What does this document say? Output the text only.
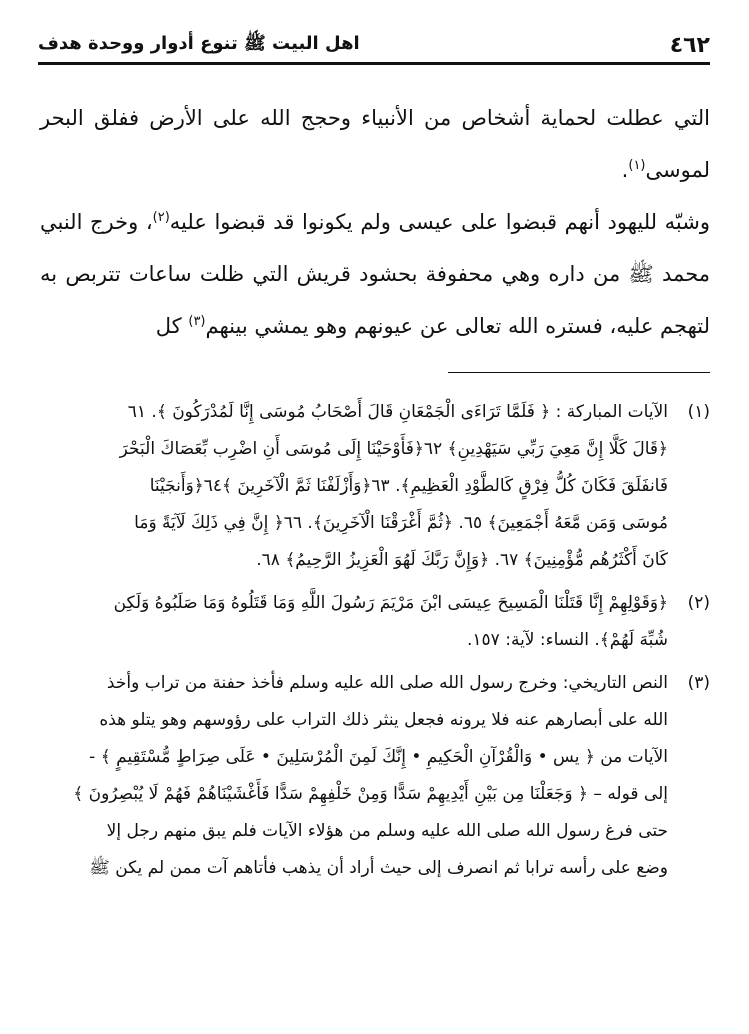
٤٦٢
اهل البيت ﷺ تنوع أدوار ووحدة هدف

التي عطلت لحماية أشخاص من الأنبياء وحجج الله على الأرض ففلق البحر لموسى$^{(١)}$.

وشبّه لليهود أنهم قبضوا على عيسى ولم يكونوا قد قبضوا عليه$^{(٢)}$، وخرج النبي محمد ﷺ من داره وهي محفوفة بحشود قريش التي ظلت ساعات تتربص به لتهجم عليه، فستره الله تعالى عن عيونهم وهو يمشي بينهم$^{(٣)}$ كل

(١)
الآيات المباركة : ﴿ فَلَمَّا تَرَاءَى الْجَمْعَانِ قَالَ أَصْحَابُ مُوسَى إِنَّا لَمُدْرَكُونَ ﴾. ٦١
﴿قَالَ كَلَّا إِنَّ مَعِيَ رَبِّي سَيَهْدِينِ﴾ ٦٢﴿فَأَوْحَيْنَا إِلَى مُوسَى أَنِ اضْرِب بِّعَصَاكَ الْبَحْرَ
فَانفَلَقَ فَكَانَ كُلُّ فِرْقٍ كَالطَّوْدِ الْعَظِيمِ﴾. ٦٣﴿وَأَزْلَفْنَا ثَمَّ الْآخَرِينَ ﴾٦٤﴿وَأَنجَيْنَا
مُوسَى وَمَن مَّعَهُ أَجْمَعِينَ﴾ ٦٥. ﴿ثُمَّ أَغْرَقْنَا الْآخَرِينَ﴾. ٦٦﴿ إِنَّ فِي ذَلِكَ لَآيَةً وَمَا
كَانَ أَكْثَرُهُم مُّؤْمِنِينَ﴾ ٦٧. ﴿وَإِنَّ رَبَّكَ لَهُوَ الْعَزِيزُ الرَّحِيمُ﴾ ٦٨.
(٢)
﴿وَقَوْلِهِمْ إِنَّا قَتَلْنَا الْمَسِيحَ عِيسَى ابْنَ مَرْيَمَ رَسُولَ اللَّهِ وَمَا قَتَلُوهُ وَمَا صَلَبُوهُ وَلَكِن
شُبِّهَ لَهُمْ﴾. النساء: لآية: ١٥٧.
(٣)
النص التاريخي: وخرج رسول الله صلى الله عليه وسلم فأخذ حفنة من تراب وأخذ
الله على أبصارهم عنه فلا يرونه فجعل ينثر ذلك التراب على رؤوسهم وهو يتلو هذه
الآيات من ﴿ يس • وَالْقُرْآنِ الْحَكِيمِ • إِنَّكَ لَمِنَ الْمُرْسَلِينَ • عَلَى صِرَاطٍ مُّسْتَقِيمٍ ﴾ -
إلى قوله – ﴿ وَجَعَلْنَا مِن بَيْنِ أَيْدِيهِمْ سَدًّا وَمِنْ خَلْفِهِمْ سَدًّا فَأَغْشَيْنَاهُمْ فَهُمْ لَا يُبْصِرُونَ ﴾
حتى فرغ رسول الله صلى الله عليه وسلم من هؤلاء الآيات فلم يبق منهم رجل إلا
وضع على رأسه ترابا ثم انصرف إلى حيث أراد أن يذهب فأتاهم آت ممن لم يكن ﷺ
